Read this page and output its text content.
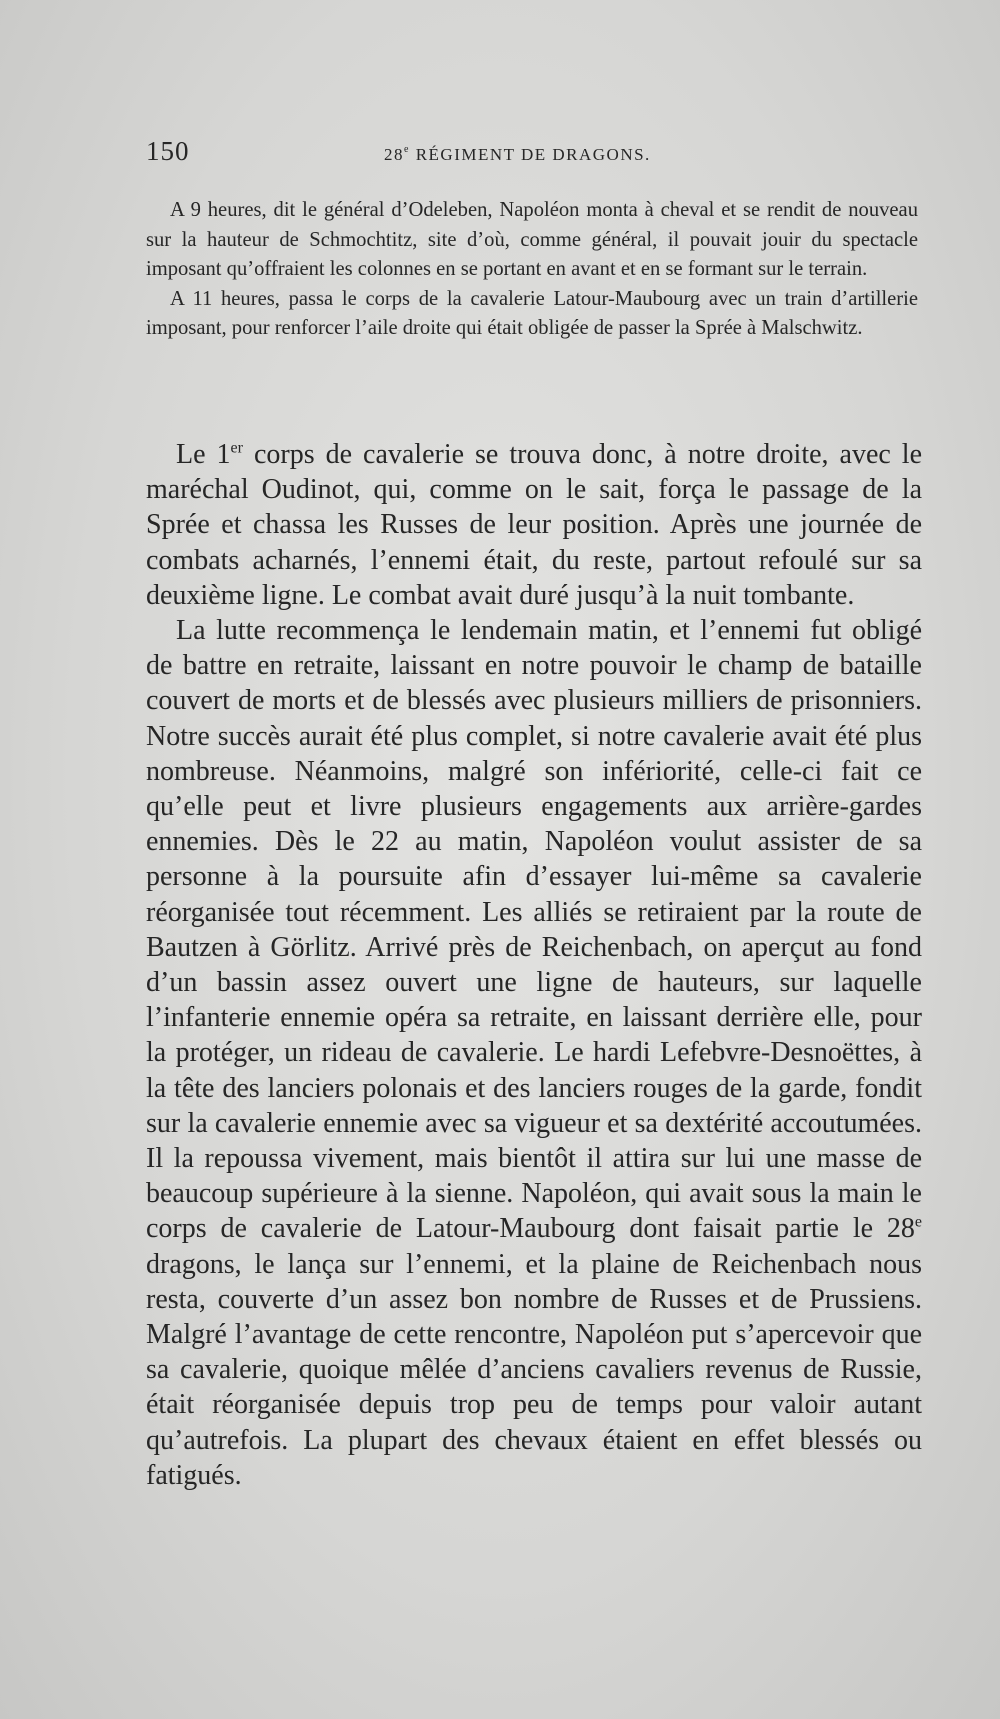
150	28e RÉGIMENT DE DRAGONS.

A 9 heures, dit le général d’Odeleben, Napoléon monta à cheval et se rendit de nouveau sur la hauteur de Schmochtitz, site d’où, comme général, il pouvait jouir du spectacle imposant qu’offraient les colonnes en se portant en avant et en se formant sur le terrain.

A 11 heures, passa le corps de la cavalerie Latour-Maubourg avec un train d’artillerie imposant, pour renforcer l’aile droite qui était obligée de passer la Sprée à Malschwitz.

Le 1er corps de cavalerie se trouva donc, à notre droite, avec le maréchal Oudinot, qui, comme on le sait, força le passage de la Sprée et chassa les Russes de leur position. Après une journée de combats acharnés, l’ennemi était, du reste, partout refoulé sur sa deuxième ligne. Le combat avait duré jusqu’à la nuit tombante.

La lutte recommença le lendemain matin, et l’ennemi fut obligé de battre en retraite, laissant en notre pouvoir le champ de bataille couvert de morts et de blessés avec plusieurs milliers de prisonniers. Notre succès aurait été plus complet, si notre cavalerie avait été plus nombreuse. Néanmoins, malgré son infériorité, celle-ci fait ce qu’elle peut et livre plusieurs engagements aux arrière-gardes ennemies. Dès le 22 au matin, Napoléon voulut assister de sa personne à la poursuite afin d’essayer lui-même sa cavalerie réorganisée tout récemment. Les alliés se retiraient par la route de Bautzen à Görlitz. Arrivé près de Reichenbach, on aperçut au fond d’un bassin assez ouvert une ligne de hauteurs, sur laquelle l’infanterie ennemie opéra sa retraite, en laissant derrière elle, pour la protéger, un rideau de cavalerie. Le hardi Lefebvre-Desnoëttes, à la tête des lanciers polonais et des lanciers rouges de la garde, fondit sur la cavalerie ennemie avec sa vigueur et sa dextérité accoutumées. Il la repoussa vivement, mais bientôt il attira sur lui une masse de beaucoup supérieure à la sienne. Napoléon, qui avait sous la main le corps de cavalerie de Latour-Maubourg dont faisait partie le 28e dragons, le lança sur l’ennemi, et la plaine de Reichenbach nous resta, couverte d’un assez bon nombre de Russes et de Prussiens. Malgré l’avantage de cette rencontre, Napoléon put s’apercevoir que sa cavalerie, quoique mêlée d’anciens cavaliers revenus de Russie, était réorganisée depuis trop peu de temps pour valoir autant qu’autrefois. La plupart des chevaux étaient en effet blessés ou fatigués.
